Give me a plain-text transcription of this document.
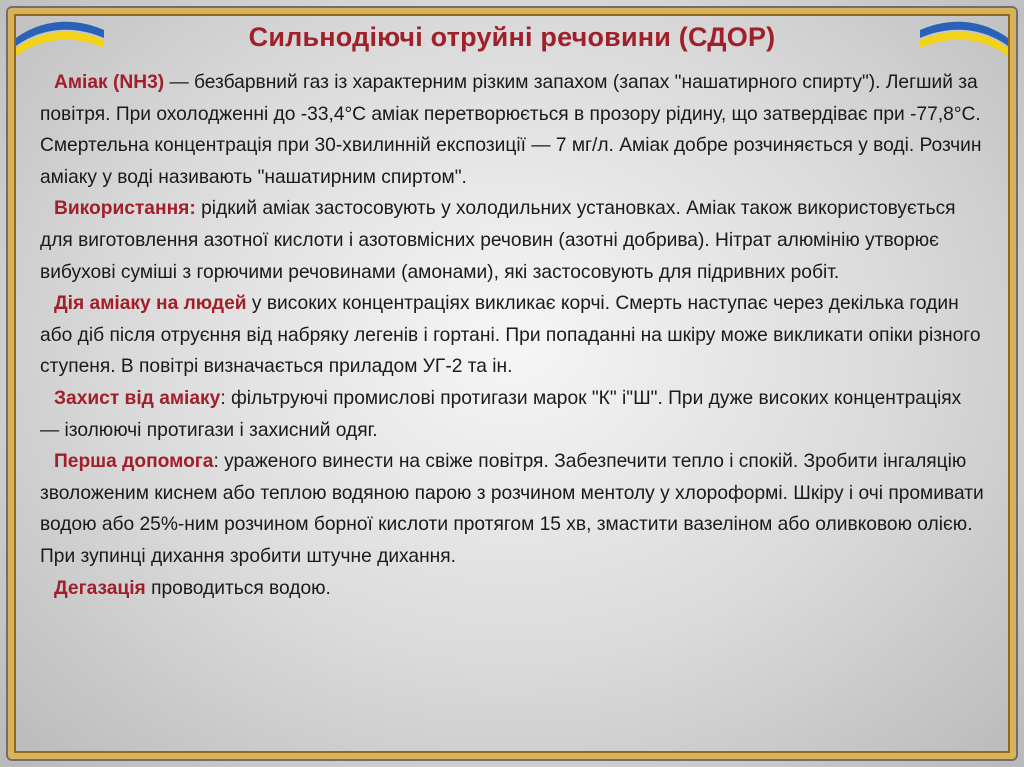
Сильнодіючі отруйні речовини (СДОР)

Аміак (NH3) — безбарвний газ із характерним різким запахом (запах "нашатирного спирту"). Легший за повітря. При охолодженні до -33,4°С аміак перетворюється в прозору рідину, що затвердіває при -77,8°С. Смертельна концентрація при 30-хвилинній експозиції — 7 мг/л. Аміак добре розчиняється у воді. Розчин аміаку у воді називають "нашатирним спиртом".

Використання: рідкий аміак застосовують у холодильних установках. Аміак також використовується для виготовлення азотної кислоти і азотовмісних речовин (азотні добрива). Нітрат алюмінію утворює вибухові суміші з горючими речовинами (амонами), які застосовують для підривних робіт.

Дія аміаку на людей у високих концентраціях викликає корчі. Смерть наступає через декілька годин або діб після отруєння від набряку легенів і гортані. При попаданні на шкіру може викликати опіки різного ступеня. В повітрі визначається приладом УГ-2 та ін.

Захист від аміаку: фільтруючі промислові протигази марок "К" і"Ш". При дуже високих концентраціях — ізолюючі протигази і захисний одяг.

Перша допомога: ураженого винести на свіже повітря. Забезпечити тепло і спокій. Зробити інгаляцію зволоженим киснем або теплою водяною парою з розчином ментолу у хлороформі. Шкіру і очі промивати водою або 25%-ним розчином борної кислоти протягом 15 хв, змастити вазеліном або оливковою олією. При зупинці дихання зробити штучне дихання.

Дегазація проводиться водою.
